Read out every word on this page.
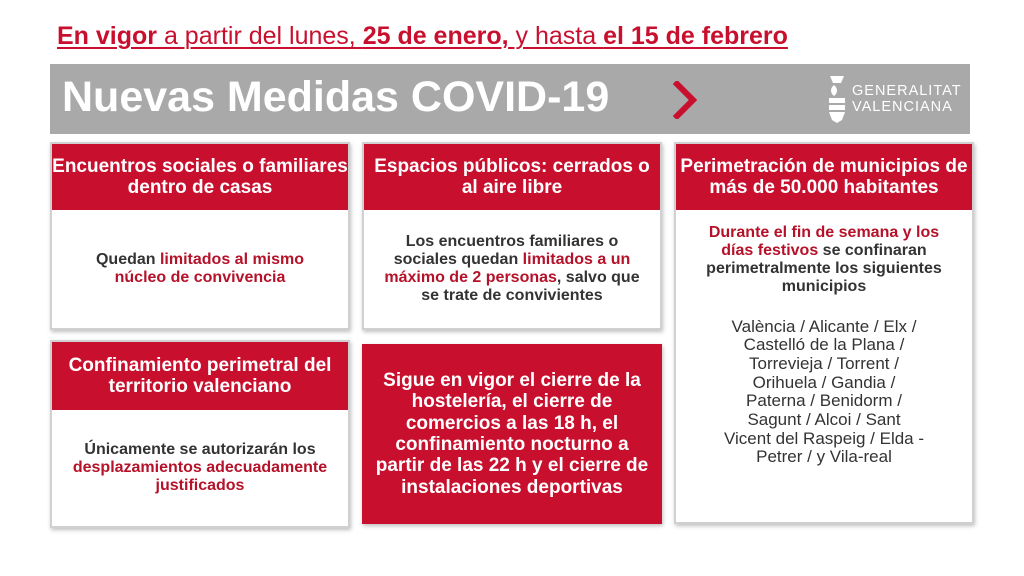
En vigor a partir del lunes, 25 de enero, y hasta el 15 de febrero
Nuevas Medidas COVID-19	GENERALITAT
VALENCIANA
Encuentros sociales o familiares dentro de casas

Quedan limitados al mismo núcleo de convivencia

Espacios públicos: cerrados o al aire libre

Los encuentros familiares o sociales quedan limitados a un máximo de 2 personas, salvo que se trate de convivientes

Perimetración de municipios de más de 50.000 habitantes

Durante el fin de semana y los días festivos se confinaran perimetralmente los siguientes municipios

València / Alicante / Elx / Castelló de la Plana / Torrevieja / Torrent / Orihuela / Gandia / Paterna / Benidorm / Sagunt / Alcoi / Sant Vicent del Raspeig / Elda - Petrer / y Vila-real

Confinamiento perimetral del territorio valenciano

Únicamente se autorizarán los desplazamientos adecuadamente justificados

Sigue en vigor el cierre de la hostelería, el cierre de comercios a las 18 h, el confinamiento nocturno a partir de las 22 h y el cierre de instalaciones deportivas
